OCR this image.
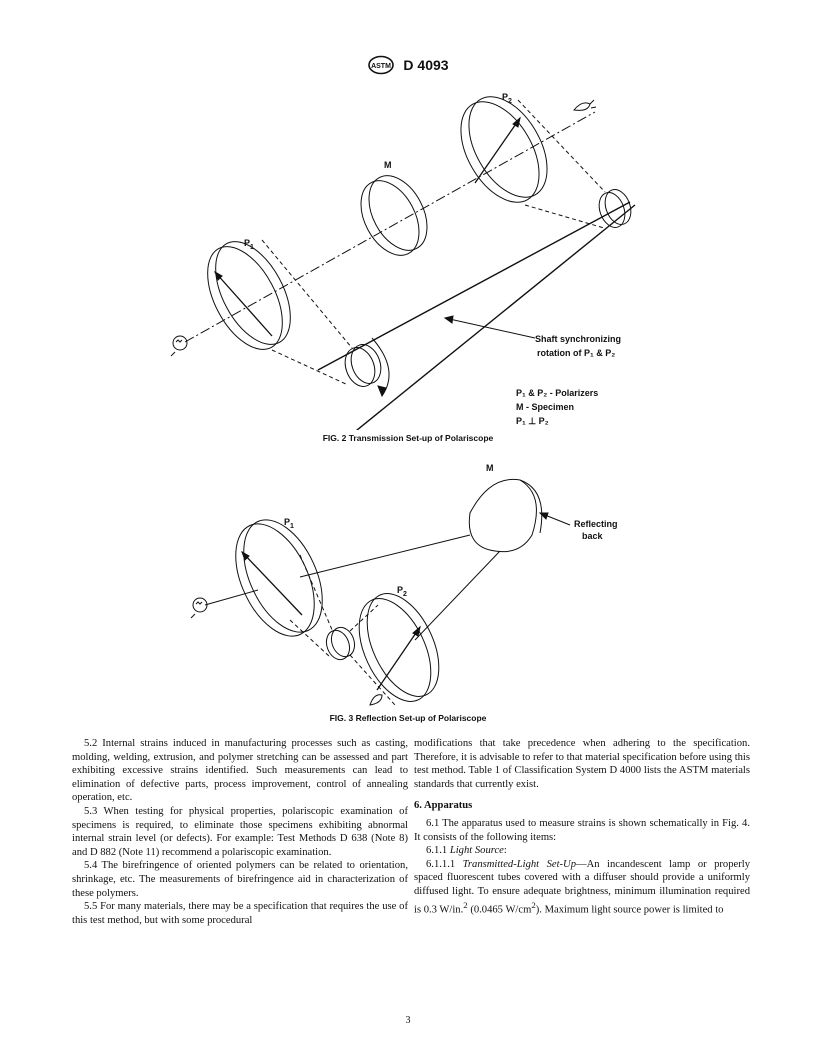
ASTM D 4093
$P_2$
M
$P_1$
Shaft synchronizing
rotation of P₁ & P₂
P₁ & P₂ - Polarizers
M - Specimen
P₁ ⊥ P₂
FIG. 2 Transmission Set-up of Polariscope
M
$P_1$
$P_2$
Reflecting
back
FIG. 3 Reflection Set-up of Polariscope

5.2 Internal strains induced in manufacturing processes such as casting, molding, welding, extrusion, and polymer stretching can be assessed and part exhibiting excessive strains identified. Such measurements can lead to elimination of defective parts, process improvement, control of annealing operation, etc.

5.3 When testing for physical properties, polariscopic examination of specimens is required, to eliminate those specimens exhibiting abnormal internal strain level (or defects). For example: Test Methods D 638 (Note 8) and D 882 (Note 11) recommend a polariscopic examination.

5.4 The birefringence of oriented polymers can be related to orientation, shrinkage, etc. The measurements of birefringence aid in characterization of these polymers.

5.5 For many materials, there may be a specification that requires the use of this test method, but with some procedural

modifications that take precedence when adhering to the specification. Therefore, it is advisable to refer to that material specification before using this test method. Table 1 of Classification System D 4000 lists the ASTM materials standards that currently exist.

6. Apparatus

6.1 The apparatus used to measure strains is shown schematically in Fig. 4. It consists of the following items:

6.1.1 Light Source:

6.1.1.1 Transmitted-Light Set-Up—An incandescent lamp or properly spaced fluorescent tubes covered with a diffuser should provide a uniformly diffused light. To ensure adequate brightness, minimum illumination required is 0.3 W/in.$^2$ (0.0465 $W/cm^2$). Maximum light source power is limited to

3
